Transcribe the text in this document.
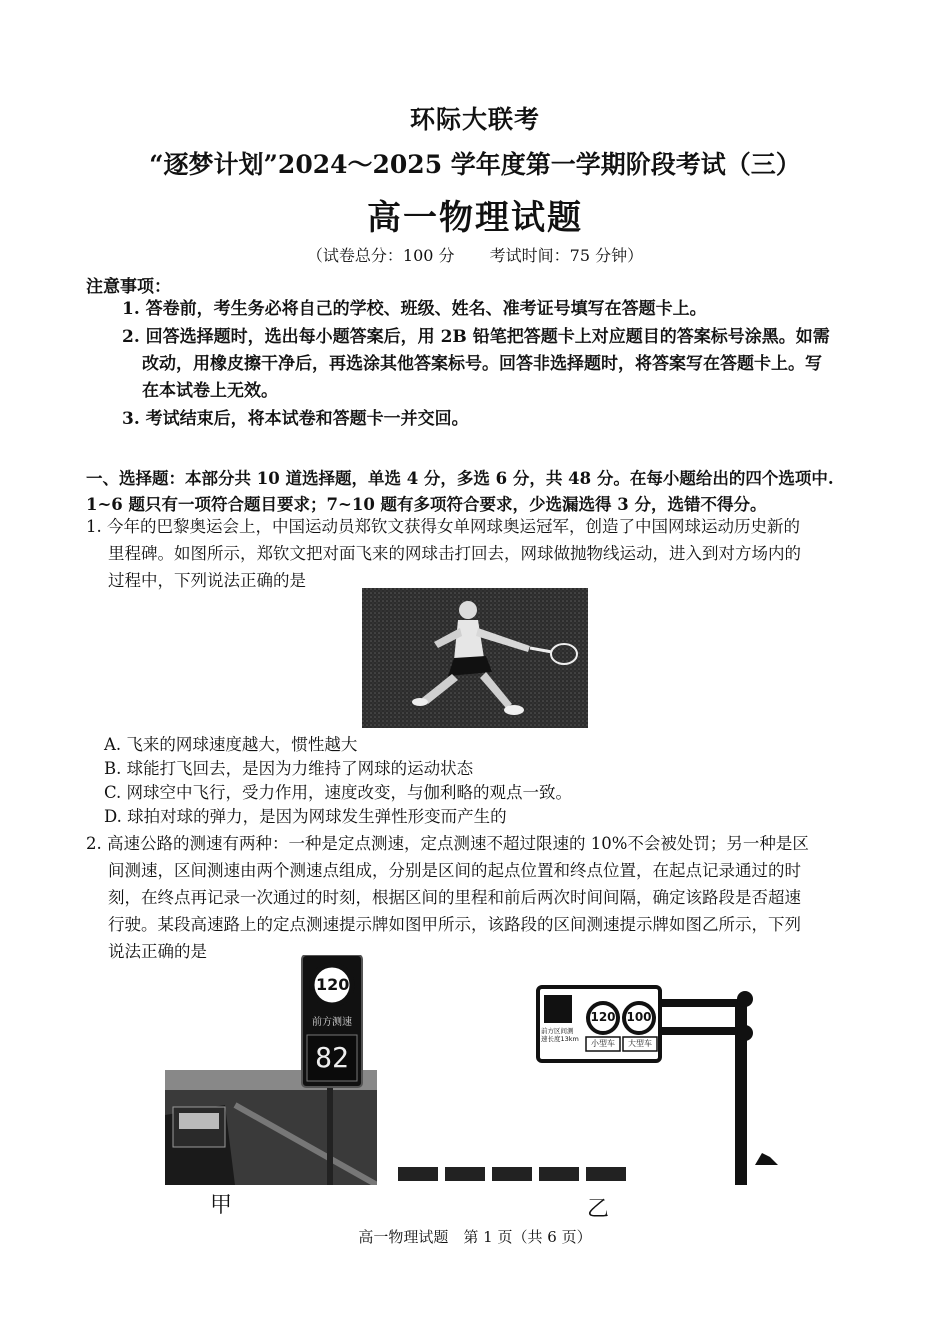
环际大联考
“逐梦计划”2024～2025 学年度第一学期阶段考试（三）
高一物理试题
（试卷总分：100 分 考试时间：75 分钟）
注意事项：
1. 答卷前，考生务必将自己的学校、班级、姓名、准考证号填写在答题卡上。
2. 回答选择题时，选出每小题答案后，用 2B 铅笔把答题卡上对应题目的答案标号涂黑。如需
改动，用橡皮擦干净后，再选涂其他答案标号。回答非选择题时，将答案写在答题卡上。写
在本试卷上无效。
3. 考试结束后，将本试卷和答题卡一并交回。
一、选择题：本部分共 10 道选择题，单选 4 分，多选 6 分，共 48 分。在每小题给出的四个选项中.
1~6 题只有一项符合题目要求；7~10 题有多项符合要求，少选漏选得 3 分，选错不得分。
1. 今年的巴黎奥运会上，中国运动员郑钦文获得女单网球奥运冠军，创造了中国网球运动历史新的
里程碑。如图所示，郑钦文把对面飞来的网球击打回去，网球做抛物线运动，进入到对方场内的
过程中，下列说法正确的是
A. 飞来的网球速度越大，惯性越大
B. 球能打飞回去，是因为力维持了网球的运动状态
C. 网球空中飞行，受力作用，速度改变，与伽利略的观点一致。
D. 球拍对球的弹力，是因为网球发生弹性形变而产生的
2. 高速公路的测速有两种：一种是定点测速，定点测速不超过限速的 10%不会被处罚；另一种是区
间测速，区间测速由两个测速点组成，分别是区间的起点位置和终点位置，在起点记录通过的时
刻，在终点再记录一次通过的时刻，根据区间的里程和前后两次时间间隔，确定该路段是否超速
行驶。某段高速路上的定点测速提示牌如图甲所示，该路段的区间测速提示牌如图乙所示，下列
说法正确的是
120
前方测速
82
甲
120 100
前方区间测
速长度13km	小型车	大型车
乙
高一物理试题　第 1 页（共 6 页）
